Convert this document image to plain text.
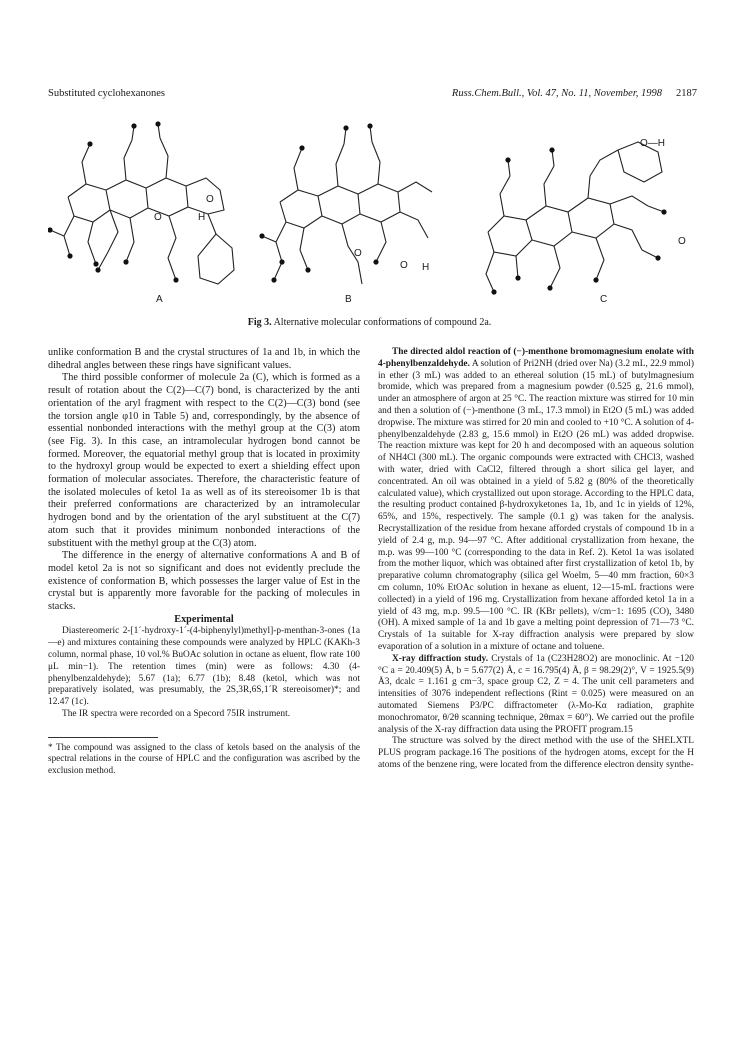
Substituted cyclohexanones	Russ.Chem.Bull., Vol. 47, No. 11, November, 1998 2187
O	H
O
O H
O
O—H
O
A	B	C
Fig 3. Alternative molecular conformations of compound 2a.

unlike conformation B and the crystal structures of 1a and 1b, in which the dihedral angles between these rings have significant values.

The third possible conformer of molecule 2a (C), which is formed as a result of rotation about the C(2)—C(7) bond, is characterized by the anti orientation of the aryl fragment with respect to the C(2)—C(3) bond (see the torsion angle φ10 in Table 5) and, correspondingly, by the absence of essential nonbonded interactions with the methyl group at the C(3) atom (see Fig. 3). In this case, an intramolecular hydrogen bond cannot be formed. Moreover, the equatorial methyl group that is located in proximity to the hydroxyl group would be expected to exert a shielding effect upon formation of molecular associates. Therefore, the characteristic feature of the isolated molecules of ketol 1a as well as of its stereoisomer 1b is that their preferred conformations are characterized by an intramolecular hydrogen bond and by the orientation of the aryl substituent at the C(7) atom such that it provides minimum nonbonded interactions of the substituent with the methyl group at the C(3) atom.

The difference in the energy of alternative conformations A and B of model ketol 2a is not so significant and does not evidently preclude the existence of conformation B, which possesses the larger value of Est in the crystal but is apparently more favorable for the packing of molecules in stacks.

Experimental

Diastereomeric 2-[1´-hydroxy-1´-(4-biphenylyl)methyl]-p-menthan-3-ones (1a—e) and mixtures containing these compounds were analyzed by HPLC (KAKh-3 column, normal phase, 10 vol.% BuOAc solution in octane as eluent, flow rate 100 μL min−1). The retention times (min) were as follows: 4.30 (4-phenylbenzaldehyde); 5.67 (1a); 6.77 (1b); 8.48 (ketol, which was not preparatively isolated, was presumably, the 2S,3R,6S,1´R stereoisomer)*; and 12.47 (1c).

The IR spectra were recorded on a Specord 75IR instrument.

* The compound was assigned to the class of ketols based on the analysis of the spectral relations in the course of HPLC and the configuration was ascribed by the exclusion method.

The directed aldol reaction of (−)-menthone bromomagnesium enolate with 4-phenylbenzaldehyde. A solution of Pri2NH (dried over Na) (3.2 mL, 22.9 mmol) in ether (3 mL) was added to an ethereal solution (15 mL) of butylmagnesium bromide, which was prepared from a magnesium powder (0.525 g, 21.6 mmol), under an atmosphere of argon at 25 °C. The reaction mixture was stirred for 10 min and then a solution of (−)-menthone (3 mL, 17.3 mmol) in Et2O (5 mL) was added dropwise. The mixture was stirred for 20 min and cooled to +10 °C. A solution of 4-phenylbenzaldehyde (2.83 g, 15.6 mmol) in Et2O (26 mL) was added dropwise. The reaction mixture was kept for 20 h and decomposed with an aqueous solution of NH4Cl (300 mL). The organic compounds were extracted with CHCl3, washed with water, dried with CaCl2, filtered through a short silica gel layer, and concentrated. An oil was obtained in a yield of 5.82 g (80% of the theoretically calculated value), which crystallized out upon storage. According to the HPLC data, the resulting product contained β-hydroxyketones 1a, 1b, and 1c in yields of 12%, 65%, and 15%, respectively. The sample (0.1 g) was taken for the analysis. Recrystallization of the residue from hexane afforded crystals of compound 1b in a yield of 2.4 g, m.p. 94—97 °C. After additional crystallization from hexane, the m.p. was 99—100 °C (corresponding to the data in Ref. 2). Ketol 1a was isolated from the mother liquor, which was obtained after first crystallization of ketol 1b, by preparative column chromatography (silica gel Woelm, 5—40 mm fraction, 60×3 cm column, 10% EtOAc solution in hexane as eluent, 12—15-mL fractions were collected) in a yield of 196 mg. Crystallization from hexane afforded ketol 1a in a yield of 43 mg, m.p. 99.5—100 °C. IR (KBr pellets), ν/cm−1: 1695 (CO), 3480 (OH). A mixed sample of 1a and 1b gave a melting point depression of 71—73 °C. Crystals of 1a suitable for X-ray diffraction analysis were prepared by slow evaporation of a solution in a mixture of octane and toluene.

X-ray diffraction study. Crystals of 1a (C23H28O2) are monoclinic. At −120 °C a = 20.409(5) Å, b = 5.677(2) Å, c = 16.795(4) Å, β = 98.29(2)°, V = 1925.5(9) Å3, dcalc = 1.161 g cm−3, space group C2, Z = 4. The unit cell parameters and intensities of 3076 independent reflections (Rint = 0.025) were measured on an automated Siemens P3/PC diffractometer (λ-Mo-Kα radiation, graphite monochromator, θ/2θ scanning technique, 2θmax = 60°). We carried out the profile analysis of the X-ray diffraction data using the PROFIT program.15

The structure was solved by the direct method with the use of the SHELXTL PLUS program package.16 The positions of the hydrogen atoms, except for the H atoms of the benzene ring, were located from the difference electron density synthe-
